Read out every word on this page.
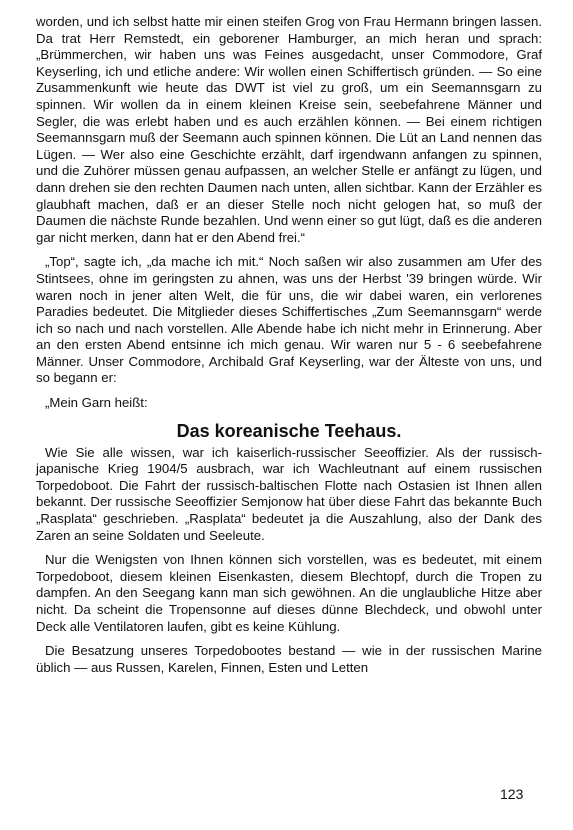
worden, und ich selbst hatte mir einen steifen Grog von Frau Hermann bringen lassen. Da trat Herr Remstedt, ein geborener Hamburger, an mich heran und sprach: „Brümmerchen, wir haben uns was Feines ausgedacht, unser Commodore, Graf Keyserling, ich und etliche andere: Wir wollen einen Schiffertisch gründen. — So eine Zusammenkunft wie heute das DWT ist viel zu groß, um ein Seemannsgarn zu spinnen. Wir wollen da in einem kleinen Kreise sein, seebefahrene Männer und Segler, die was erlebt haben und es auch erzählen können. — Bei einem richtigen Seemannsgarn muß der Seemann auch spinnen können. Die Lüt an Land nennen das Lügen. — Wer also eine Geschichte erzählt, darf irgendwann anfangen zu spinnen, und die Zuhörer müssen genau aufpassen, an welcher Stelle er anfängt zu lügen, und dann drehen sie den rechten Daumen nach unten, allen sichtbar. Kann der Erzähler es glaubhaft machen, daß er an dieser Stelle noch nicht gelogen hat, so muß der Daumen die nächste Runde bezahlen. Und wenn einer so gut lügt, daß es die anderen gar nicht merken, dann hat er den Abend frei.“

„Top“, sagte ich, „da mache ich mit.“ Noch saßen wir also zusammen am Ufer des Stintsees, ohne im geringsten zu ahnen, was uns der Herbst '39 bringen würde. Wir waren noch in jener alten Welt, die für uns, die wir dabei waren, ein verlorenes Paradies bedeutet. Die Mitglieder dieses Schiffertisches „Zum Seemannsgarn“ werde ich so nach und nach vorstellen. Alle Abende habe ich nicht mehr in Erinnerung. Aber an den ersten Abend entsinne ich mich genau. Wir waren nur 5 - 6 seebefahrene Männer. Unser Commodore, Archibald Graf Keyserling, war der Älteste von uns, und so begann er:

„Mein Garn heißt:

Das koreanische Teehaus.

Wie Sie alle wissen, war ich kaiserlich-russischer Seeoffizier. Als der russisch-japanische Krieg 1904/5 ausbrach, war ich Wachleutnant auf einem russischen Torpedoboot. Die Fahrt der russisch-baltischen Flotte nach Ostasien ist Ihnen allen bekannt. Der russische Seeoffizier Semjonow hat über diese Fahrt das bekannte Buch „Rasplata“ geschrieben. „Rasplata“ bedeutet ja die Auszahlung, also der Dank des Zaren an seine Soldaten und Seeleute.

Nur die Wenigsten von Ihnen können sich vorstellen, was es bedeutet, mit einem Torpedoboot, diesem kleinen Eisenkasten, diesem Blechtopf, durch die Tropen zu dampfen. An den Seegang kann man sich gewöhnen. An die unglaubliche Hitze aber nicht. Da scheint die Tropensonne auf dieses dünne Blechdeck, und obwohl unter Deck alle Ventilatoren laufen, gibt es keine Kühlung.

Die Besatzung unseres Torpedobootes bestand — wie in der russischen Marine üblich — aus Russen, Karelen, Finnen, Esten und Letten

123
